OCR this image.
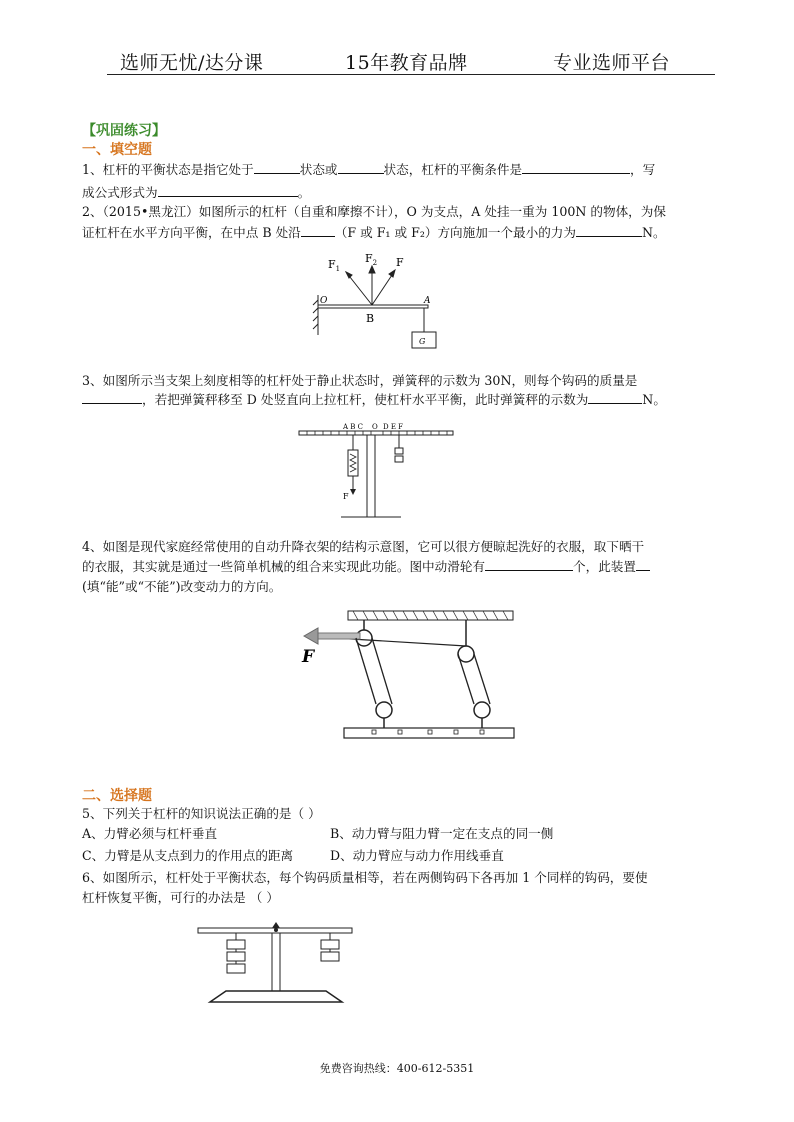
选师无忧/达分课	15年教育品牌	专业选师平台
【巩固练习】
一、填空题
1、杠杆的平衡状态是指它处于	状态或	状态，杠杆的平衡条件是	，写
成公式形式为	。
2、（2015•黑龙江）如图所示的杠杆（自重和摩擦不计），O 为支点，A 处挂一重为 100N 的物体，为保
证杠杆在水平方向平衡，在中点 B 处沿	（F 或 F₁ 或 F₂）方向施加一个最小的力为	N。
$F_1$
$F_2$ F
O	A
B
G
3、如图所示当支架上刻度相等的杠杆处于静止状态时，弹簧秤的示数为 30N，则每个钩码的质量是
，若把弹簧秤移至 D 处竖直向上拉杠杆，使杠杆水平平衡，此时弹簧秤的示数为	N。
A B C O D E F
F
4、如图是现代家庭经常使用的自动升降衣架的结构示意图，它可以很方便晾起洗好的衣服，取下晒干
的衣服，其实就是通过一些简单机械的组合来实现此功能。图中动滑轮有	个，此装置
(填“能”或“不能”)改变动力的方向。
F
二、选择题
5、下列关于杠杆的知识说法正确的是（ ）
A、力臂必须与杠杆垂直	B、动力臂与阻力臂一定在支点的同一侧
C、力臂是从支点到力的作用点的距离	D、动力臂应与动力作用线垂直
6、如图所示，杠杆处于平衡状态，每个钩码质量相等，若在两侧钩码下各再加 1 个同样的钩码，要使
杠杆恢复平衡，可行的办法是 （ ）
免费咨询热线：400-612-5351
